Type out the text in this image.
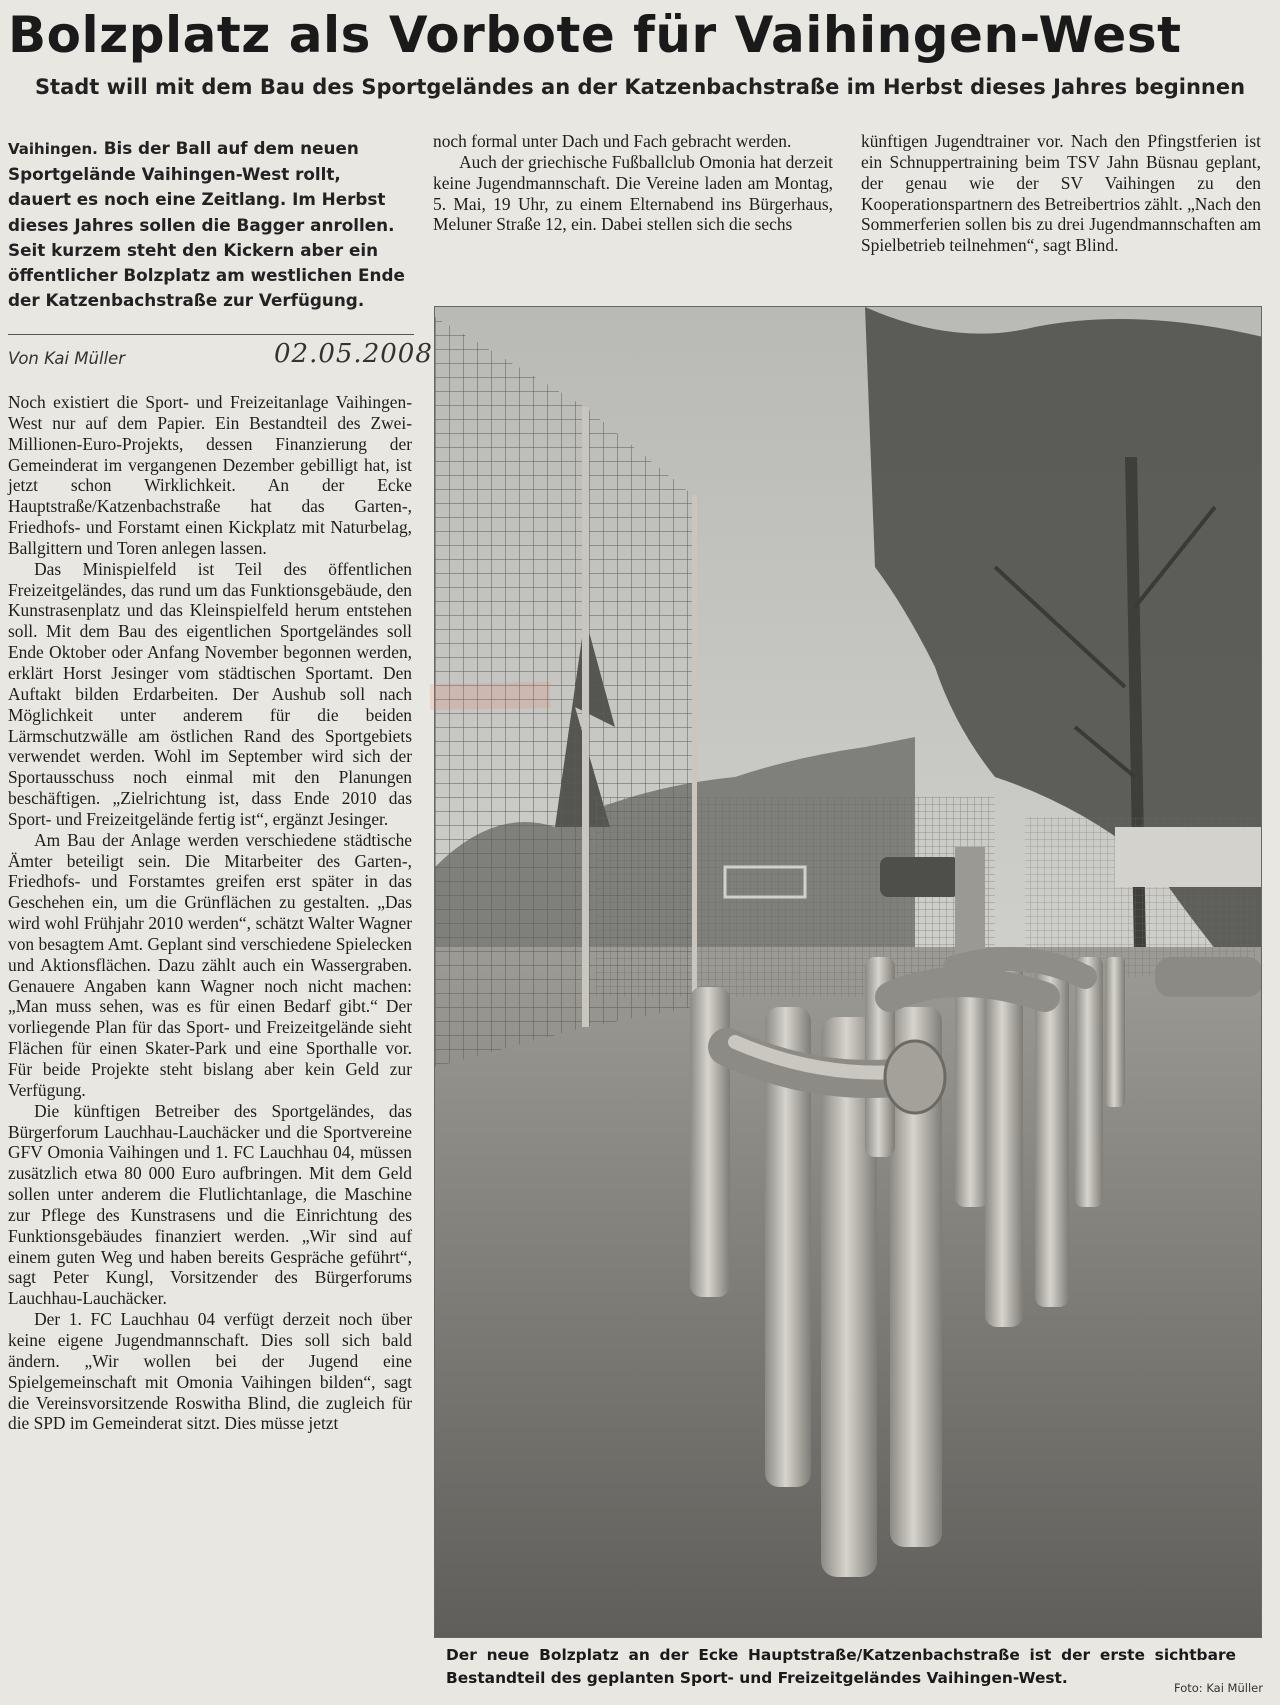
Bolzplatz als Vorbote für Vaihingen-West
Stadt will mit dem Bau des Sportgeländes an der Katzenbachstraße im Herbst dieses Jahres beginnen

Vaihingen. Bis der Ball auf dem neuen Sportgelände Vaihingen-West rollt, dauert es noch eine Zeitlang. Im Herbst dieses Jahres sollen die Bagger anrollen. Seit kurzem steht den Kickern aber ein öffentlicher Bolzplatz am westlichen Ende der Katzenbachstraße zur Verfügung.

Von Kai Müller	02.05.2008

Noch existiert die Sport- und Freizeitanlage Vaihingen-West nur auf dem Papier. Ein Bestandteil des Zwei-Millionen-Euro-Projekts, dessen Finanzierung der Gemeinderat im vergangenen Dezember gebilligt hat, ist jetzt schon Wirklichkeit. An der Ecke Hauptstraße/Katzenbachstraße hat das Garten-, Friedhofs- und Forstamt einen Kickplatz mit Naturbelag, Ballgittern und Toren anlegen lassen.

Das Minispielfeld ist Teil des öffentlichen Freizeitgeländes, das rund um das Funktionsgebäude, den Kunstrasenplatz und das Kleinspielfeld herum entstehen soll. Mit dem Bau des eigentlichen Sportgeländes soll Ende Oktober oder Anfang November begonnen werden, erklärt Horst Jesinger vom städtischen Sportamt. Den Auftakt bilden Erdarbeiten. Der Aushub soll nach Möglichkeit unter anderem für die beiden Lärmschutzwälle am östlichen Rand des Sportgebiets verwendet werden. Wohl im September wird sich der Sportausschuss noch einmal mit den Planungen beschäftigen. „Zielrichtung ist, dass Ende 2010 das Sport- und Freizeitgelände fertig ist“, ergänzt Jesinger.

Am Bau der Anlage werden verschiedene städtische Ämter beteiligt sein. Die Mitarbeiter des Garten-, Friedhofs- und Forstamtes greifen erst später in das Geschehen ein, um die Grünflächen zu gestalten. „Das wird wohl Frühjahr 2010 werden“, schätzt Walter Wagner von besagtem Amt. Geplant sind verschiedene Spielecken und Aktionsflächen. Dazu zählt auch ein Wassergraben. Genauere Angaben kann Wagner noch nicht machen: „Man muss sehen, was es für einen Bedarf gibt.“ Der vorliegende Plan für das Sport- und Freizeitgelände sieht Flächen für einen Skater-Park und eine Sporthalle vor. Für beide Projekte steht bislang aber kein Geld zur Verfügung.

Die künftigen Betreiber des Sportgeländes, das Bürgerforum Lauchhau-Lauchäcker und die Sportvereine GFV Omonia Vaihingen und 1. FC Lauchhau 04, müssen zusätzlich etwa 80 000 Euro aufbringen. Mit dem Geld sollen unter anderem die Flutlichtanlage, die Maschine zur Pflege des Kunstrasens und die Einrichtung des Funktionsgebäudes finanziert werden. „Wir sind auf einem guten Weg und haben bereits Gespräche geführt“, sagt Peter Kungl, Vorsitzender des Bürgerforums Lauchhau-Lauchäcker.

Der 1. FC Lauchhau 04 verfügt derzeit noch über keine eigene Jugendmannschaft. Dies soll sich bald ändern. „Wir wollen bei der Jugend eine Spielgemeinschaft mit Omonia Vaihingen bilden“, sagt die Vereinsvorsitzende Roswitha Blind, die zugleich für die SPD im Gemeinderat sitzt. Dies müsse jetzt

noch formal unter Dach und Fach gebracht werden.

Auch der griechische Fußballclub Omonia hat derzeit keine Jugendmannschaft. Die Vereine laden am Montag, 5. Mai, 19 Uhr, zu einem Elternabend ins Bürgerhaus, Meluner Straße 12, ein. Dabei stellen sich die sechs

künftigen Jugendtrainer vor. Nach den Pfingstferien ist ein Schnuppertraining beim TSV Jahn Büsnau geplant, der genau wie der SV Vaihingen zu den Kooperationspartnern des Betreibertrios zählt. „Nach den Sommerferien sollen bis zu drei Jugendmannschaften am Spielbetrieb teilnehmen“, sagt Blind.

Der neue Bolzplatz an der Ecke Hauptstraße/Katzenbachstraße ist der erste sichtbare Bestandteil des geplanten Sport- und Freizeitgeländes Vaihingen-West.

Foto: Kai Müller
